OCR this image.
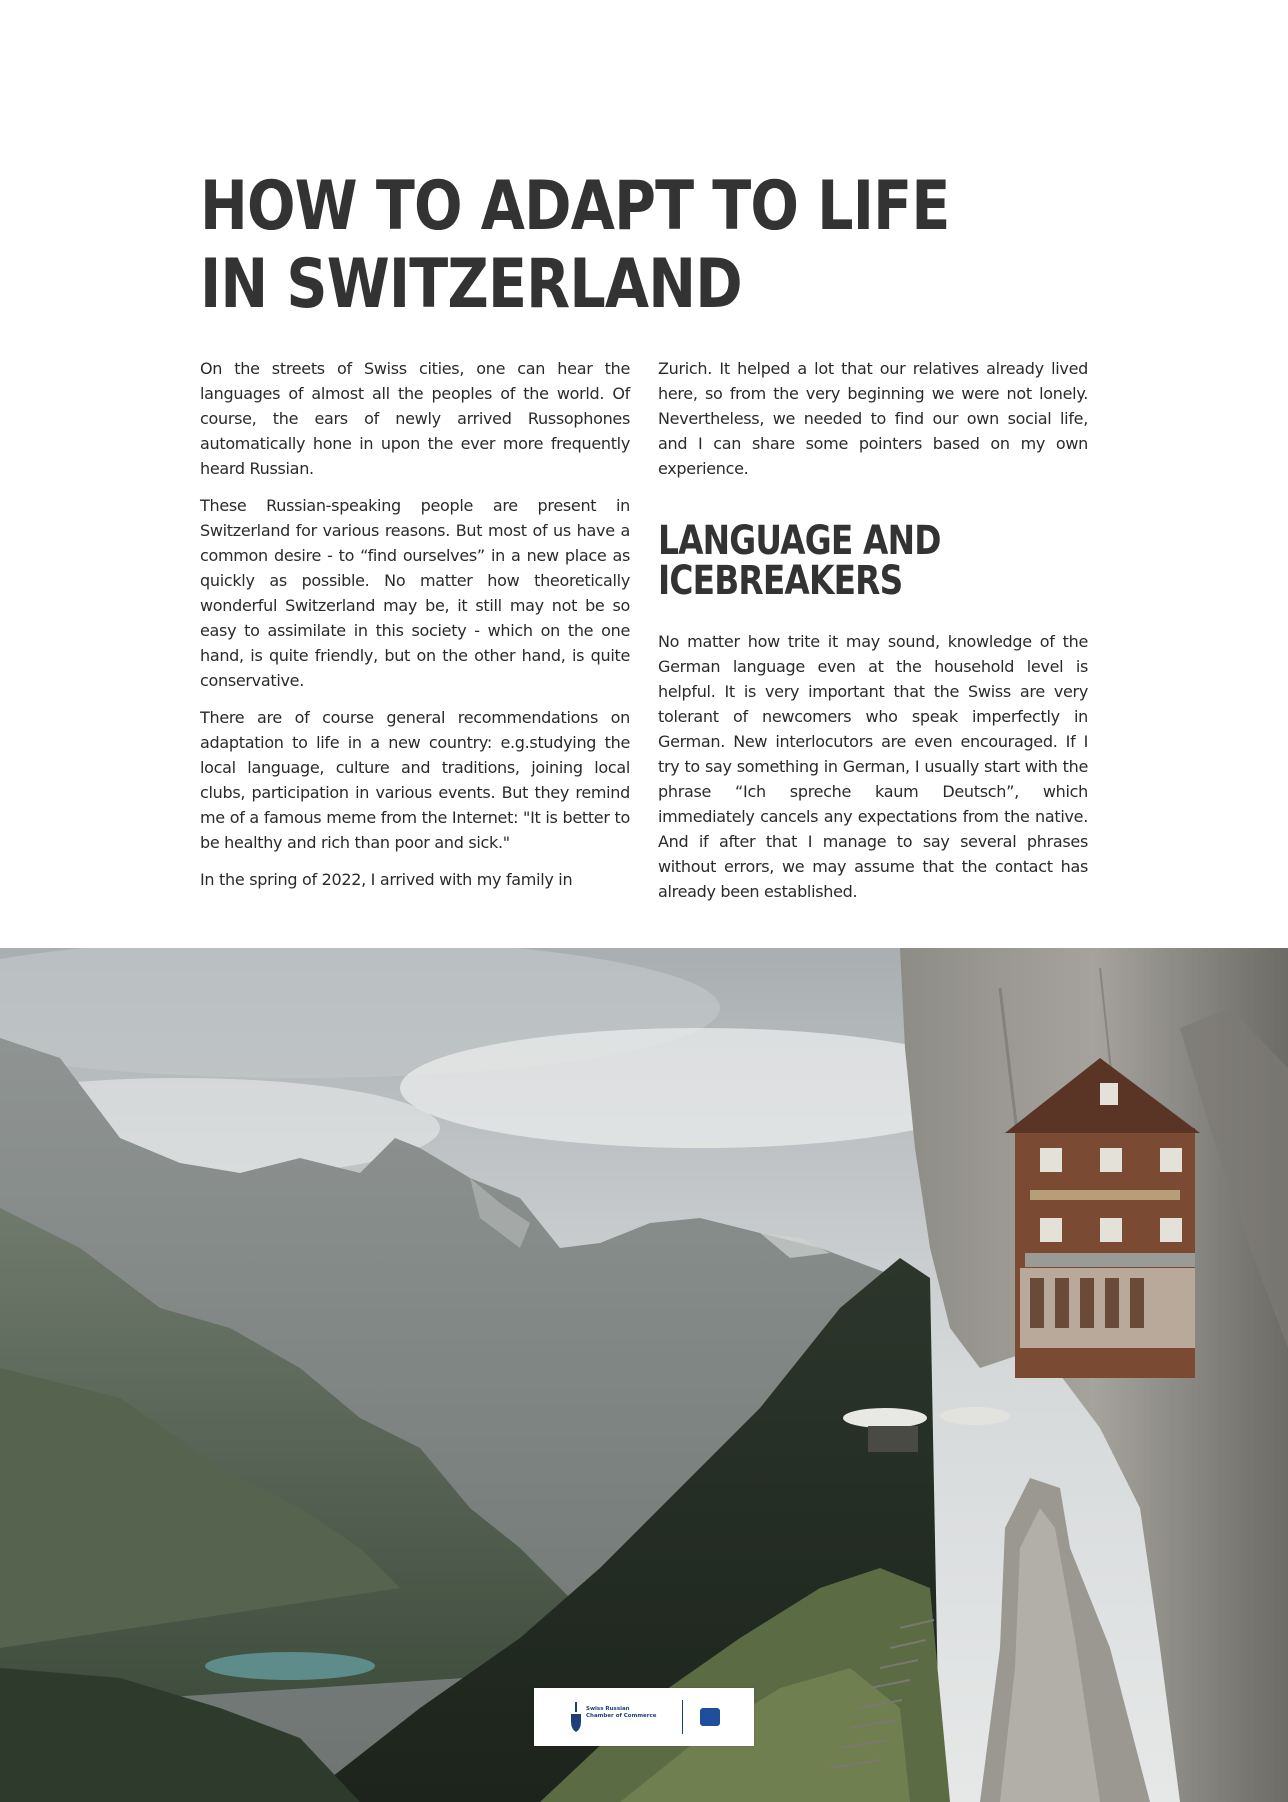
HOW TO ADAPT TO LIFE
IN SWITZERLAND

On the streets of Swiss cities, one can hear the languages of almost all the peoples of the world. Of course, the ears of newly arrived Russophones automatically hone in upon the ever more frequently heard Russian.

These Russian-speaking people are present in Switzerland for various reasons. But most of us have a common desire - to “find ourselves” in a new place as quickly as possible. No matter how theoretically wonderful Switzerland may be, it still may not be so easy to assimilate in this society - which on the one hand, is quite friendly, but on the other hand, is quite conservative.

There are of course general recommendations on adaptation to life in a new country: e.g.studying the local language, culture and traditions, joining local clubs, participation in various events. But they remind me of a famous meme from the Internet: "It is better to be healthy and rich than poor and sick."

In the spring of 2022, I arrived with my family in

Zurich. It helped a lot that our relatives already lived here, so from the very beginning we were not lonely. Nevertheless, we needed to find our own social life, and I can share some pointers based on my own experience.

LANGUAGE AND
ICEBREAKERS

No matter how trite it may sound, knowledge of the German language even at the household level is helpful. It is very important that the Swiss are very tolerant of newcomers who speak imperfectly in German. New interlocutors are even encouraged. If I try to say something in German, I usually start with the phrase “Ich spreche kaum Deutsch”, which immediately cancels any expectations from the native. And if after that I manage to say several phrases without errors, we may assume that the contact has already been established.

Swiss Russian
Chamber of Commerce
